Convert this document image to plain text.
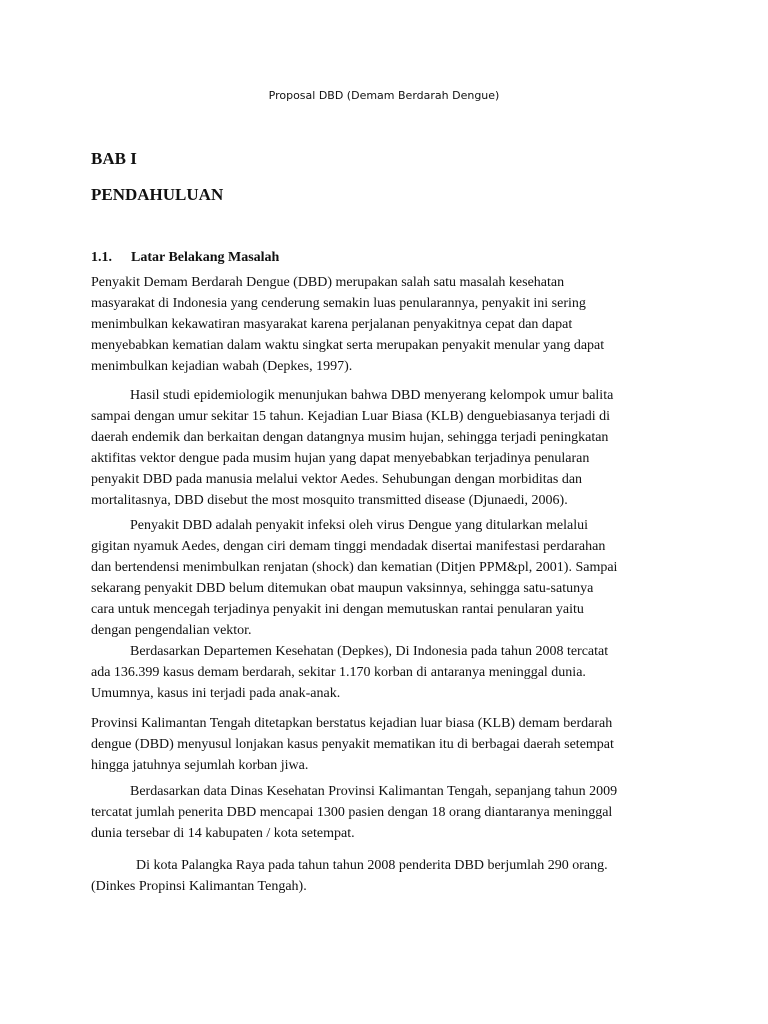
Proposal DBD (Demam Berdarah Dengue)
BAB I
PENDAHULUAN
1.1. Latar Belakang Masalah
Penyakit Demam Berdarah Dengue (DBD) merupakan salah satu masalah kesehatan
masyarakat di Indonesia yang cenderung semakin luas penularannya, penyakit ini sering
menimbulkan kekawatiran masyarakat karena perjalanan penyakitnya cepat dan dapat
menyebabkan kematian dalam waktu singkat serta merupakan penyakit menular yang dapat
menimbulkan kejadian wabah (Depkes, 1997).
Hasil studi epidemiologik menunjukan bahwa DBD menyerang kelompok umur balita
sampai dengan umur sekitar 15 tahun. Kejadian Luar Biasa (KLB) denguebiasanya terjadi di
daerah endemik dan berkaitan dengan datangnya musim hujan, sehingga terjadi peningkatan
aktifitas vektor dengue pada musim hujan yang dapat menyebabkan terjadinya penularan
penyakit DBD pada manusia melalui vektor Aedes. Sehubungan dengan morbiditas dan
mortalitasnya, DBD disebut the most mosquito transmitted disease (Djunaedi, 2006).
Penyakit DBD adalah penyakit infeksi oleh virus Dengue yang ditularkan melalui
gigitan nyamuk Aedes, dengan ciri demam tinggi mendadak disertai manifestasi perdarahan
dan bertendensi menimbulkan renjatan (shock) dan kematian (Ditjen PPM&pl, 2001). Sampai
sekarang penyakit DBD belum ditemukan obat maupun vaksinnya, sehingga satu-satunya
cara untuk mencegah terjadinya penyakit ini dengan memutuskan rantai penularan yaitu
dengan pengendalian vektor.
Berdasarkan Departemen Kesehatan (Depkes), Di Indonesia pada tahun 2008 tercatat
ada 136.399 kasus demam berdarah, sekitar 1.170 korban di antaranya meninggal dunia.
Umumnya, kasus ini terjadi pada anak-anak.
Provinsi Kalimantan Tengah ditetapkan berstatus kejadian luar biasa (KLB) demam berdarah
dengue (DBD) menyusul lonjakan kasus penyakit mematikan itu di berbagai daerah setempat
hingga jatuhnya sejumlah korban jiwa.
Berdasarkan data Dinas Kesehatan Provinsi Kalimantan Tengah, sepanjang tahun 2009
tercatat jumlah penerita DBD mencapai 1300 pasien dengan 18 orang diantaranya meninggal
dunia tersebar di 14 kabupaten / kota setempat.
Di kota Palangka Raya pada tahun tahun 2008 penderita DBD berjumlah 290 orang.
(Dinkes Propinsi Kalimantan Tengah).
